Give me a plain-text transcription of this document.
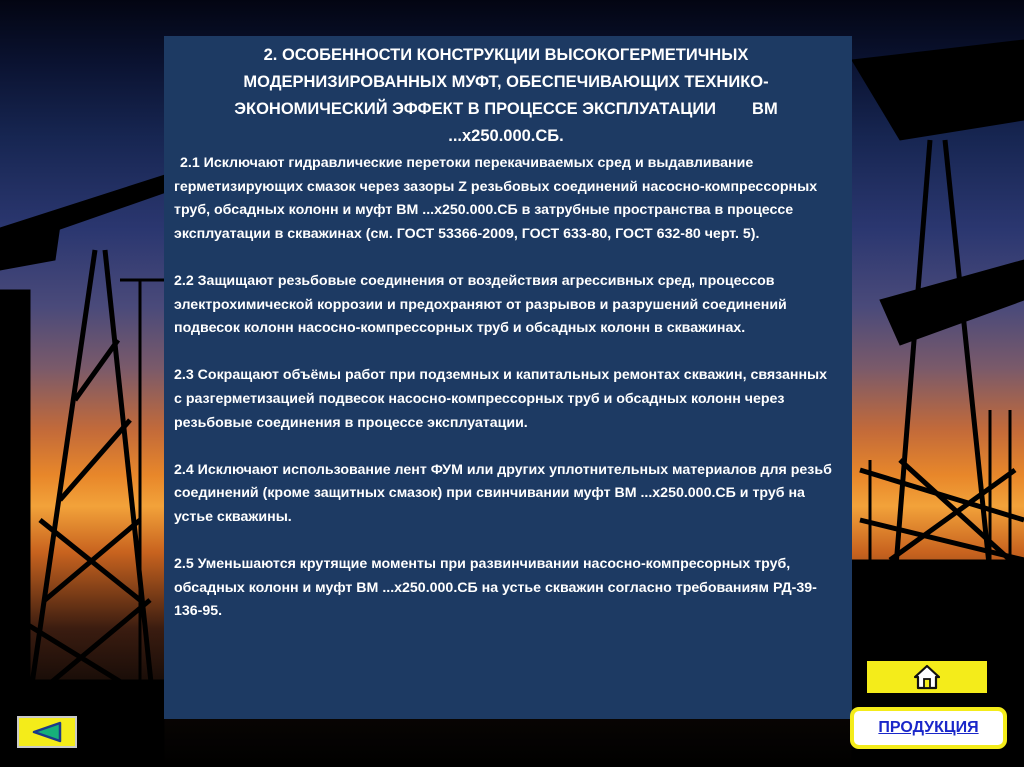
2. ОСОБЕННОСТИ КОНСТРУКЦИИ ВЫСОКОГЕРМЕТИЧНЫХ
МОДЕРНИЗИРОВАННЫХ МУФТ, ОБЕСПЕЧИВАЮЩИХ ТЕХНИКО-
ЭКОНОМИЧЕСКИЙ ЭФФЕКТ В ПРОЦЕССЕ ЭКСПЛУАТАЦИИ ВМ
...х250.000.СБ.

2.1 Исключают гидравлические перетоки перекачиваемых сред и выдавливание герметизирующих смазок через зазоры Z резьбовых соединений насосно-компрессорных труб, обсадных колонн и муфт ВМ ...х250.000.СБ в затрубные пространства в процессе эксплуатации в скважинах (см. ГОСТ 53366-2009, ГОСТ 633-80, ГОСТ 632-80 черт. 5).

2.2 Защищают резьбовые соединения от воздействия агрессивных сред, процессов электрохимической коррозии и предохраняют от разрывов и разрушений соединений подвесок колонн насосно-компрессорных труб и обсадных колонн в скважинах.

2.3 Сокращают объёмы работ при подземных и капитальных ремонтах скважин, связанных с разгерметизацией подвесок насосно-компрессорных труб и обсадных колонн через резьбовые соединения в процессе эксплуатации.

2.4 Исключают использование лент ФУМ или других уплотнительных материалов для резьб соединений (кроме защитных смазок) при свинчивании муфт ВМ ...х250.000.СБ и труб на устье скважины.

2.5 Уменьшаются крутящие моменты при развинчивании насосно-компресорных труб, обсадных колонн и муфт ВМ ...х250.000.СБ на устье скважин согласно требованиям РД-39-136-95.

ПРОДУКЦИЯ
